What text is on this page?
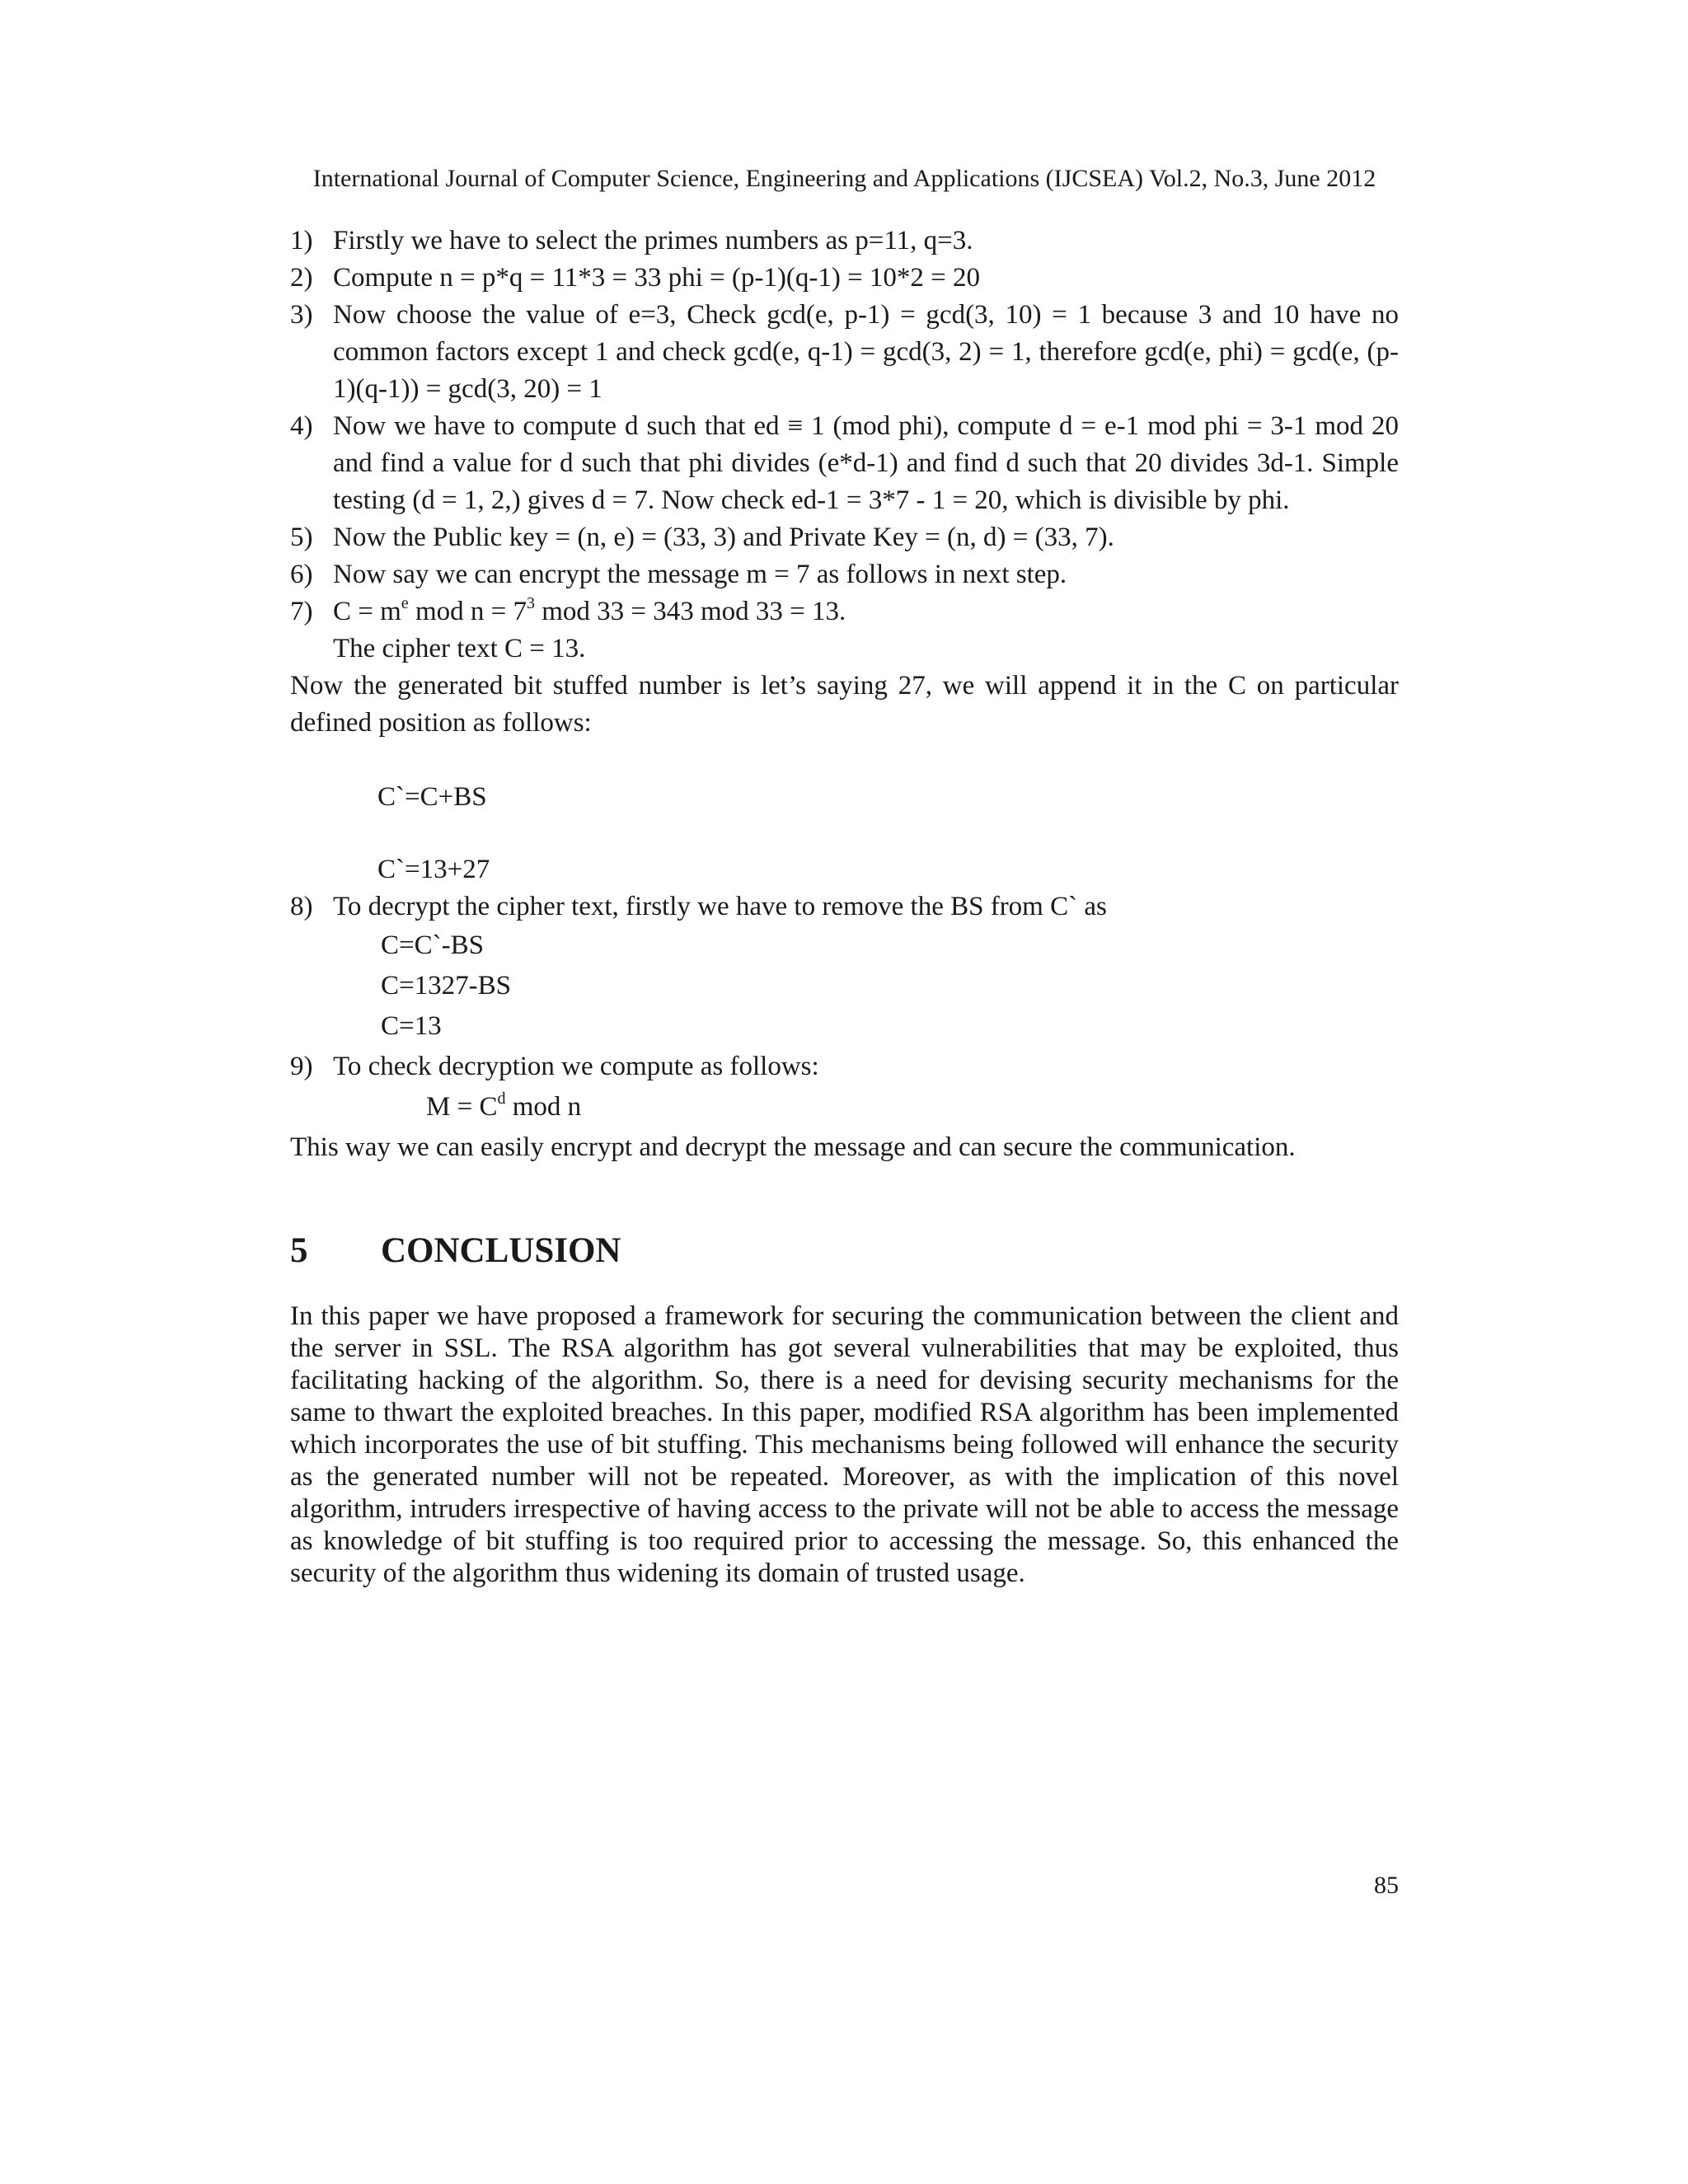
International Journal of Computer Science, Engineering and Applications (IJCSEA) Vol.2, No.3, June 2012
1) Firstly we have to select the primes numbers as p=11, q=3.
2) Compute n = p*q = 11*3 = 33 phi = (p-1)(q-1) = 10*2 = 20
3) Now choose the value of e=3, Check gcd(e, p-1) = gcd(3, 10) = 1 because 3 and 10 have no common factors except 1 and check gcd(e, q-1) = gcd(3, 2) = 1, therefore gcd(e, phi) = gcd(e, (p-1)(q-1)) = gcd(3, 20) = 1
4) Now we have to compute d such that ed ≡ 1 (mod phi), compute d = e-1 mod phi = 3-1 mod 20 and find a value for d such that phi divides (e*d-1) and find d such that 20 divides 3d-1. Simple testing (d = 1, 2,) gives d = 7. Now check ed-1 = 3*7 - 1 = 20, which is divisible by phi.
5) Now the Public key = (n, e) = (33, 3) and Private Key = (n, d) = (33, 7).
6) Now say we can encrypt the message m = 7 as follows in next step.
7) $C = m^e$ mod $n = 7^3$ mod 33 = 343 mod 33 = 13.
The cipher text C = 13.
Now the generated bit stuffed number is let’s saying 27, we will append it in the C on particular defined position as follows:
C`=C+BS
C`=13+27
8) To decrypt the cipher text, firstly we have to remove the BS from C` as
C=C`-BS
C=1327-BS
C=13
9) To check decryption we compute as follows:
$M = C^d$ mod n
This way we can easily encrypt and decrypt the message and can secure the communication.
5 CONCLUSION
In this paper we have proposed a framework for securing the communication between the client and the server in SSL. The RSA algorithm has got several vulnerabilities that may be exploited, thus facilitating hacking of the algorithm. So, there is a need for devising security mechanisms for the same to thwart the exploited breaches. In this paper, modified RSA algorithm has been implemented which incorporates the use of bit stuffing. This mechanisms being followed will enhance the security as the generated number will not be repeated. Moreover, as with the implication of this novel algorithm, intruders irrespective of having access to the private will not be able to access the message as knowledge of bit stuffing is too required prior to accessing the message. So, this enhanced the security of the algorithm thus widening its domain of trusted usage.
85
